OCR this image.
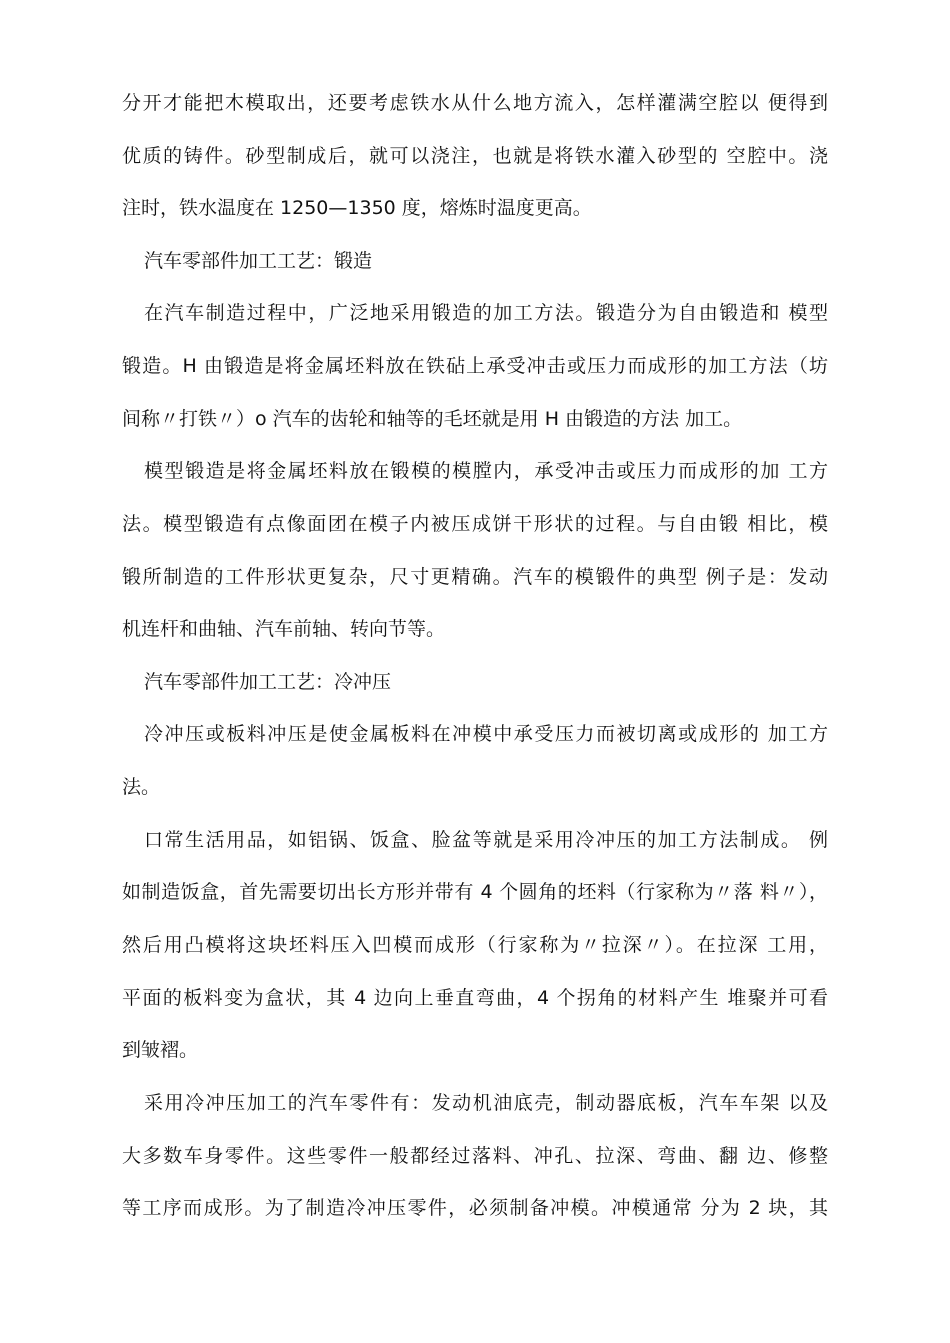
分开才能把木模取出，还要考虑铁水从什么地方流入，怎样灌满空腔以 便得到
优质的铸件。砂型制成后，就可以浇注，也就是将铁水灌入砂型的 空腔中。浇
注时，铁水温度在 1250—1350 度，熔炼时温度更高。
汽车零部件加工工艺：锻造
在汽车制造过程中，广泛地采用锻造的加工方法。锻造分为自由锻造和 模型
锻造。H 由锻造是将金属坯料放在铁砧上承受冲击或压力而成形的加工方法（坊
间称〃打铁〃）o 汽车的齿轮和轴等的毛坯就是用 H 由锻造的方法 加工。
模型锻造是将金属坯料放在锻模的模膛内，承受冲击或压力而成形的加 工方
法。模型锻造有点像面团在模子内被压成饼干形状的过程。与自由锻 相比，模
锻所制造的工件形状更复杂，尺寸更精确。汽车的模锻件的典型 例子是：发动
机连杆和曲轴、汽车前轴、转向节等。
汽车零部件加工工艺：冷冲压
冷冲压或板料冲压是使金属板料在冲模中承受压力而被切离或成形的 加工方
法。
口常生活用品，如铝锅、饭盒、脸盆等就是采用冷冲压的加工方法制成。 例
如制造饭盒，首先需要切出长方形并带有 4 个圆角的坯料（行家称为〃落 料〃），
然后用凸模将这块坯料压入凹模而成形（行家称为〃拉深〃）。在拉深 工用，
平面的板料变为盒状，其 4 边向上垂直弯曲，4 个拐角的材料产生 堆聚并可看
到皱褶。
采用冷冲压加工的汽车零件有：发动机油底壳，制动器底板，汽车车架 以及
大多数车身零件。这些零件一般都经过落料、冲孔、拉深、弯曲、翻 边、修整
等工序而成形。为了制造冷冲压零件，必须制备冲模。冲模通常 分为 2 块，其
